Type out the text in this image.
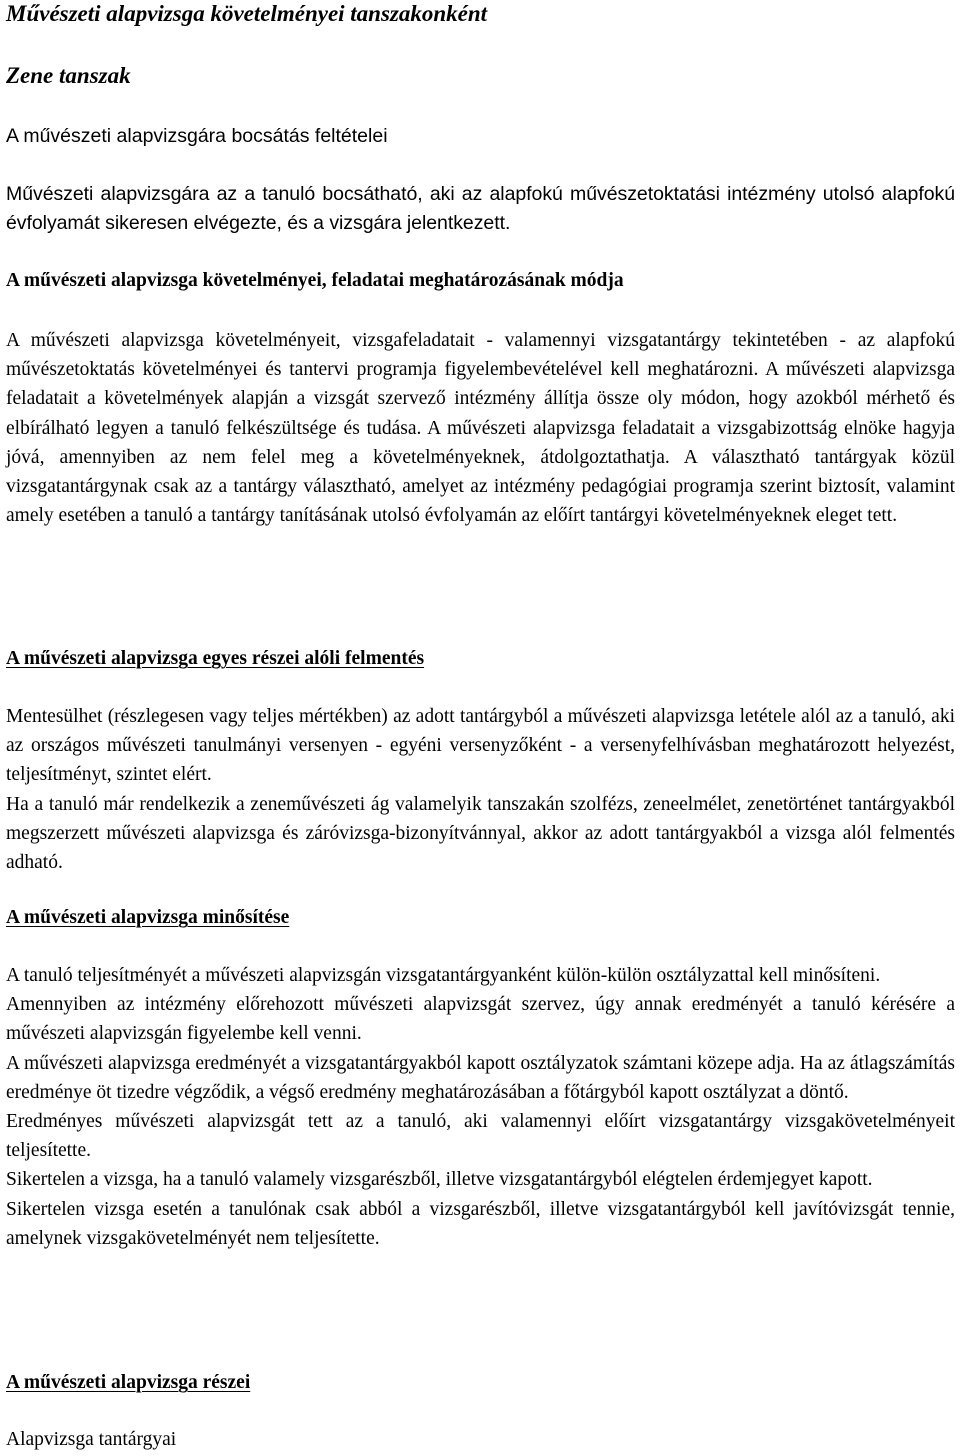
Művészeti alapvizsga követelményei tanszakonként
Zene tanszak

A művészeti alapvizsgára bocsátás feltételei

Művészeti alapvizsgára az a tanuló bocsátható, aki az alapfokú művészetoktatási intézmény utolsó alapfokú évfolyamát sikeresen elvégezte, és a vizsgára jelentkezett.

A művészeti alapvizsga követelményei, feladatai meghatározásának módja

A művészeti alapvizsga követelményeit, vizsgafeladatait - valamennyi vizsgatantárgy tekintetében - az alapfokú művészetoktatás követelményei és tantervi programja figyelembevételével kell meghatározni. A művészeti alapvizsga feladatait a követelmények alapján a vizsgát szervező intézmény állítja össze oly módon, hogy azokból mérhető és elbírálható legyen a tanuló felkészültsége és tudása. A művészeti alapvizsga feladatait a vizsgabizottság elnöke hagyja jóvá, amennyiben az nem felel meg a követelményeknek, átdolgoztathatja. A választható tantárgyak közül vizsgatantárgynak csak az a tantárgy választható, amelyet az intézmény pedagógiai programja szerint biztosít, valamint amely esetében a tanuló a tantárgy tanításának utolsó évfolyamán az előírt tantárgyi követelményeknek eleget tett.

A művészeti alapvizsga egyes részei alóli felmentés

Mentesülhet (részlegesen vagy teljes mértékben) az adott tantárgyból a művészeti alapvizsga letétele alól az a tanuló, aki az országos művészeti tanulmányi versenyen - egyéni versenyzőként - a versenyfelhívásban meghatározott helyezést, teljesítményt, szintet elért.

Ha a tanuló már rendelkezik a zeneművészeti ág valamelyik tanszakán szolfézs, zeneelmélet, zenetörténet tantárgyakból megszerzett művészeti alapvizsga és záróvizsga-bizonyítvánnyal, akkor az adott tantárgyakból a vizsga alól felmentés adható.

A művészeti alapvizsga minősítése

A tanuló teljesítményét a művészeti alapvizsgán vizsgatantárgyanként külön-külön osztályzattal kell minősíteni.

Amennyiben az intézmény előrehozott művészeti alapvizsgát szervez, úgy annak eredményét a tanuló kérésére a művészeti alapvizsgán figyelembe kell venni.

A művészeti alapvizsga eredményét a vizsgatantárgyakból kapott osztályzatok számtani közepe adja. Ha az átlagszámítás eredménye öt tizedre végződik, a végső eredmény meghatározásában a főtárgyból kapott osztályzat a döntő.

Eredményes művészeti alapvizsgát tett az a tanuló, aki valamennyi előírt vizsgatantárgy vizsgakövetelményeit teljesítette.

Sikertelen a vizsga, ha a tanuló valamely vizsgarészből, illetve vizsgatantárgyból elégtelen érdemjegyet kapott.

Sikertelen vizsga esetén a tanulónak csak abból a vizsgarészből, illetve vizsgatantárgyból kell javítóvizsgát tennie, amelynek vizsgakövetelményét nem teljesítette.

A művészeti alapvizsga részei

Alapvizsga tantárgyai
